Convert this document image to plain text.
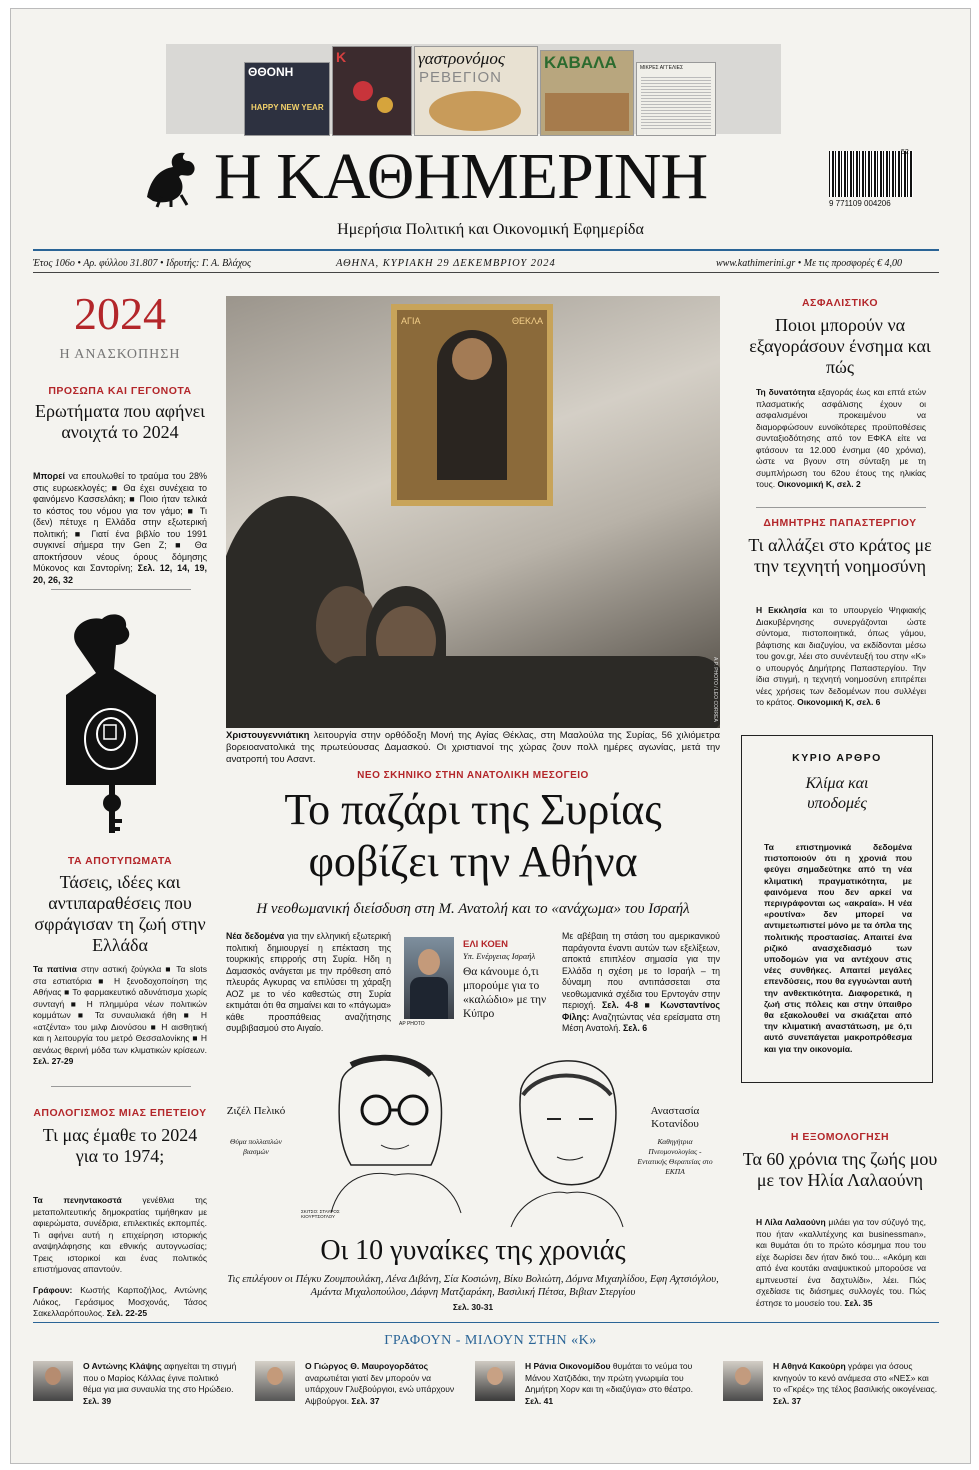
ΘΘΟΝΗ
HAPPY NEW YEAR
K	γαστρονόμος
ΡΕΒΕΓΙΟΝ
ΚΑΒΑΛΑ	ΜΙΚΡΕΣ ΑΓΓΕΛΙΕΣ
Η ΚΑΘΗΜΕΡΙΝΗ	9 771109 004206
52
Ημερήσια Πολιτική και Οικονομική Εφημερίδα
Έτος 106ο • Αρ. φύλλου 31.807 • Ιδρυτής: Γ. Α. Βλάχος	ΑΘΗΝΑ, ΚΥΡΙΑΚΗ 29 ΔΕΚΕΜΒΡΙΟΥ 2024	www.kathimerini.gr • Με τις προσφορές € 4,00
2024
Η ΑΝΑΣΚΟΠΗΣΗ
ΠΡΟΣΩΠΑ ΚΑΙ ΓΕΓΟΝΟΤΑ
Ερωτήματα που αφήνει ανοιχτά το 2024
Μπορεί να επουλωθεί το τραύμα του 28% στις ευρωεκλογές; ■ Θα έχει συνέχεια το φαινόμενο Κασσελάκη; ■ Ποιο ήταν τελικά το κόστος του νόμου για τον γάμο; ■ Τι (δεν) πέτυχε η Ελλάδα στην εξωτερική πολιτική; ■ Γιατί ένα βιβλίο του 1991 συγκινεί σήμερα την Gen Z; ■ Θα αποκτήσουν νέους όρους δόμησης Μύκονος και Σαντορίνη; Σελ. 12, 14, 19, 20, 26, 32
ΤΑ ΑΠΟΤΥΠΩΜΑΤΑ
Τάσεις, ιδέες και αντιπαραθέσεις που σφράγισαν τη ζωή στην Ελλάδα
Τα πατίνια στην αστική ζούγκλα ■ Τα slots στα εστιατόρια ■ Η ξενοδοχοποίηση της Αθήνας ■ Το φαρμακευτικό αδυνάτισμα χωρίς συνταγή ■ Η πλημμύρα νέων πολιτικών κομμάτων ■ Τα συναυλιακά ήθη ■ Η «ατζέντα» του μιλφ Διονύσου ■ Η αισθητική και η λειτουργία του μετρό Θεσσαλονίκης ■ Η αενάως θερινή μόδα των κλιματικών κρίσεων. Σελ. 27-29
ΑΠΟΛΟΓΙΣΜΟΣ ΜΙΑΣ ΕΠΕΤΕΙΟΥ
Τι μας έμαθε το 2024 για το 1974;
Τα πενηντακοστά γενέθλια της μεταπολιτευτικής δημοκρατίας τιμήθηκαν με αφιερώματα, συνέδρια, επιλεκτικές εκπομπές. Τι αφήνει αυτή η επιχείρηση ιστορικής αναψηλάφησης και εθνικής αυτογνωσίας; Τρεις ιστορικοί και ένας πολιτικός επιστήμονας απαντούν.
Γράφουν: Κωστής Καρποζήλος, Αντώνης Λιάκος, Γεράσιμος Μοσχονάς, Τάσος Σακελλαρόπουλος. Σελ. 22-25
ΑΓΙΑ	ΘΕΚΛΑ
A.P. PHOTO / LEO CORREA
Χριστουγεννιάτικη λειτουργία στην ορθόδοξη Μονή της Αγίας Θέκλας, στη Μααλούλα της Συρίας, 56 χιλιόμετρα βορειοανατολικά της πρωτεύουσας Δαμασκού. Οι χριστιανοί της χώρας ζουν πολλ ημέρες αγωνίας, μετά την ανατροπή του Ασαντ.
ΝΕΟ ΣΚΗΝΙΚΟ ΣΤΗΝ ΑΝΑΤΟΛΙΚΗ ΜΕΣΟΓΕΙΟ
Το παζάρι της Συρίας
φοβίζει την Αθήνα
Η νεοθωμανική διείσδυση στη Μ. Ανατολή και το «ανάχωμα» του Ισραήλ
Νέα δεδομένα για την ελληνική εξωτερική πολιτική δημιουργεί η επέκταση της τουρκικής επιρροής στη Συρία. Ηδη η Δαμασκός ανάγεται με την πρόθεση από πλευράς Αγκυρας να επιλύσει τη χάραξη ΑΟΖ με το νέο καθεστώς στη Συρία εκτιμάται ότι θα σημαίνει και το «πάγωμα» κάθε προσπάθειας αναζήτησης συμβιβασμού στο Αιγαίο.	AP PHOTO
ΕΛΙ ΚΟΕΝ
Υπ. Ενέργειας Ισραήλ
Θα κάνουμε ό,τι μπορούμε για το «καλώδιο» με την Κύπρο
Με αβέβαιη τη στάση του αμερικανικού παράγοντα έναντι αυτών των εξελίξεων, αποκτά επιπλέον σημασία για την Ελλάδα η σχέση με το Ισραήλ – τη δύναμη που αντιπάσσεται στα νεοθωμανικά σχέδια του Ερντογάν στην περιοχή. Σελ. 4-8 ■ Κωνσταντίνος Φίλης: Αναζητώντας νέα ερείσματα στη Μέση Ανατολή. Σελ. 6
Ζιζέλ Πελικό
Θύμα πολλαπλών βιασμών
ΣΚΙΤΣΟ: ΣΤΑΥΡΟΣ ΚΙΟΥΡΤΣΟΓΛΟΥ
Αναστασία Κοτανίδου
Καθηγήτρια Πνευμονολογίας - Εντατικής Θεραπείας στο ΕΚΠΑ
Οι 10 γυναίκες της χρονιάς
Τις επιλέγουν οι Πέγκυ Ζουμπουλάκη, Λένα Διβάνη, Σία Κοσιώνη, Βίκυ Βολιώτη, Δόμνα Μιχαηλίδου, Εφη Αχτσιόγλου, Αμάντα Μιχαλοπούλου, Δάφνη Ματζιαράκη, Βασιλική Πέτσα, Βιβιαν Στεργίου
Σελ. 30-31
ΑΣΦΑΛΙΣΤΙΚΟ
Ποιοι μπορούν να εξαγοράσουν ένσημα και πώς
Τη δυνατότητα εξαγοράς έως και επτά ετών πλασματικής ασφάλισης έχουν οι ασφαλισμένοι προκειμένου να διαμορφώσουν ευνοϊκότερες προϋποθέσεις συνταξιοδότησης από τον ΕΦΚΑ είτε να φτάσουν τα 12.000 ένσημα (40 χρόνια), ώστε να βγουν στη σύνταξη με τη συμπλήρωση του 62ου έτους της ηλικίας τους. Οικονομική Κ, σελ. 2
ΔΗΜΗΤΡΗΣ ΠΑΠΑΣΤΕΡΓΙΟΥ
Τι αλλάζει στο κράτος με την τεχνητή νοημοσύνη
Η Εκκλησία και το υπουργείο Ψηφιακής Διακυβέρνησης συνεργάζονται ώστε σύντομα, πιστοποιητικά, όπως γάμου, βάφτισης και διαζυγίου, να εκδίδονται μέσω του gov.gr, λέει στο συνέντευξή του στην «Κ» ο υπουργός Δημήτρης Παπαστεργίου. Την ίδια στιγμή, η τεχνητή νοημοσύνη επιτρέπει νέες χρήσεις των δεδομένων που συλλέγει το κράτος. Οικονομική Κ, σελ. 6
ΚΥΡΙΟ ΑΡΘΡΟ
Κλίμα και υποδομές
Τα επιστημονικά δεδομένα πιστοποιούν ότι η χρονιά που φεύγει σημαδεύτηκε από τη νέα κλιματική πραγματικότητα, με φαινόμενα που δεν αρκεί να περιγράφονται ως «ακραία». Η νέα «ρουτίνα» δεν μπορεί να αντιμετωπιστεί μόνο με τα όπλα της πολιτικής προστασίας. Απαιτεί ένα ριζικό ανασχεδιασμό των υποδομών για να αντέχουν στις νέες συνθήκες. Απαιτεί μεγάλες επενδύσεις, που θα εγγυώνται αυτή την ανθεκτικότητα. Διαφορετικά, η ζωή στις πόλεις και στην ύπαιθρο θα εξακολουθεί να σκιάζεται από την κλιματική αναστάτωση, με ό,τι αυτό συνεπάγεται μακροπρόθεσμα και για την οικονομία.
Η ΕΞΟΜΟΛΟΓΗΣΗ
Τα 60 χρόνια της ζωής μου με τον Ηλία Λαλαούνη
Η Λίλα Λαλαούνη μιλάει για τον σύζυγό της, που ήταν «καλλιτέχνης και businessman», και θυμάται ότι το πρώτο κόσμημα που του είχε δωρίσει δεν ήταν δικό του... «Ακόμη και από ένα κουτάκι αναψυκτικού μπορούσε να εμπνευστεί ένα δαχτυλίδι», λέει. Πώς σχεδίασε τις διάσημες συλλογές του. Πώς έστησε το μουσείο του. Σελ. 35
ΓΡΑΦΟΥΝ - ΜΙΛΟΥΝ ΣΤΗΝ «Κ»
Ο Αντώνης Κλάψης αφηγείται τη στιγμή που ο Μαρίος Κάλλας έγινε πολιτικό θέμα για μια συναυλία της στο Ηρώδειο. Σελ. 39
Ο Γιώργος Θ. Μαυρογορδάτος αναρωτιέται γιατί δεν μπορούν να υπάρχουν Γλυξβούργιοι, ενώ υπάρχουν Αψβούργοι. Σελ. 37
Η Ράνια Οικονομίδου θυμάται το νεύμα του Μάνου Χατζιδάκι, την πρώτη γνωριμία του Δημήτρη Χορν και τη «διαζύγια» στο θέατρο. Σελ. 41
Η Αθηνά Κακούρη γράφει για όσους κινηγούν το κενό ανάμεσα στο «ΝΕΣ» και το «Γκρές» της τέλος βασιλικής οικογένειας. Σελ. 37
